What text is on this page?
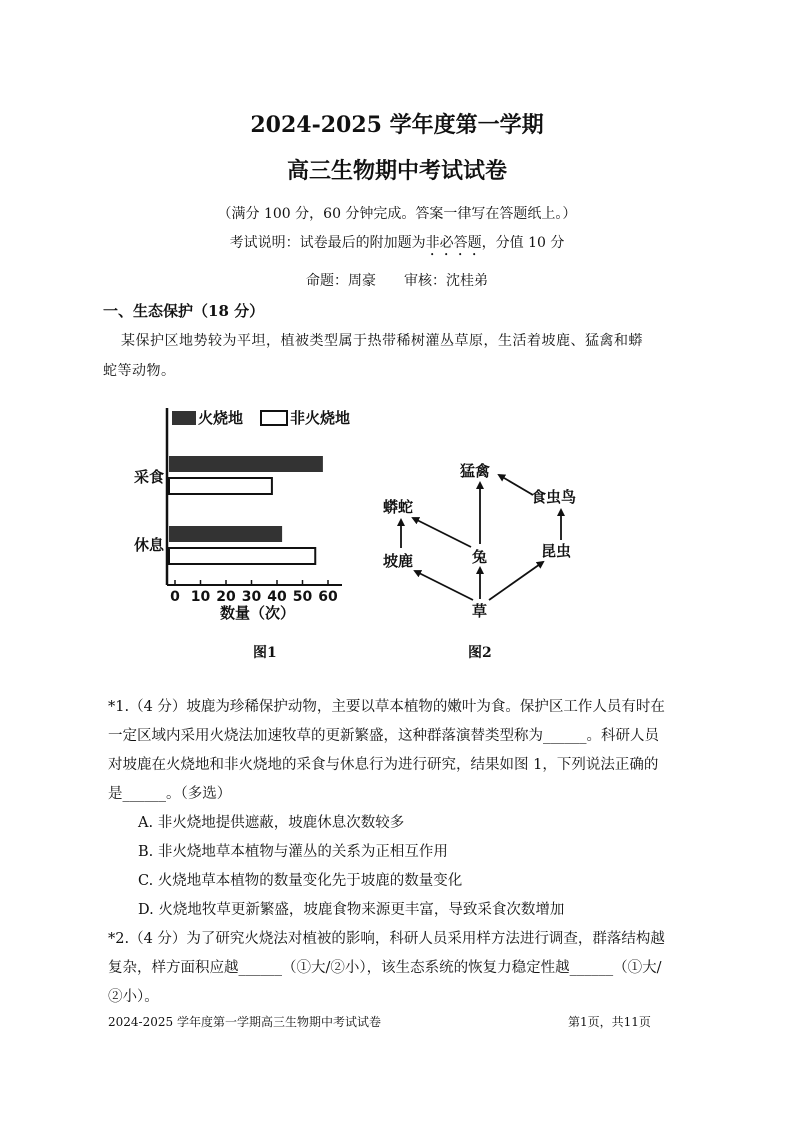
2024-2025 学年度第一学期
高三生物期中考试试卷
（满分 100 分，60 分钟完成。答案一律写在答题纸上。）
考试说明：试卷最后的附加题为非必答题，分值 10 分
命题：周豪　　审核：沈桂弟
一、生态保护（18 分）
某保护区地势较为平坦，植被类型属于热带稀树灌丛草原，生活着坡鹿、猛禽和蟒
蛇等动物。
火烧地	非火烧地
采食
休息
0 10 20 30 40 50 60
数量（次）
图1
猛禽
食虫鸟
蟒蛇
兔	昆虫
坡鹿
草
图2
*1.（4 分）坡鹿为珍稀保护动物，主要以草本植物的嫩叶为食。保护区工作人员有时在
一定区域内采用火烧法加速牧草的更新繁盛，这种群落演替类型称为______。科研人员
对坡鹿在火烧地和非火烧地的采食与休息行为进行研究，结果如图 1，下列说法正确的
是______。（多选）
A. 非火烧地提供遮蔽，坡鹿休息次数较多
B. 非火烧地草本植物与灌丛的关系为正相互作用
C. 火烧地草本植物的数量变化先于坡鹿的数量变化
D. 火烧地牧草更新繁盛，坡鹿食物来源更丰富，导致采食次数增加
*2.（4 分）为了研究火烧法对植被的影响，科研人员采用样方法进行调查，群落结构越
复杂，样方面积应越______（①大/②小），该生态系统的恢复力稳定性越______（①大/
②小）。
2024-2025 学年度第一学期高三生物期中考试试卷	第1页，共11页
